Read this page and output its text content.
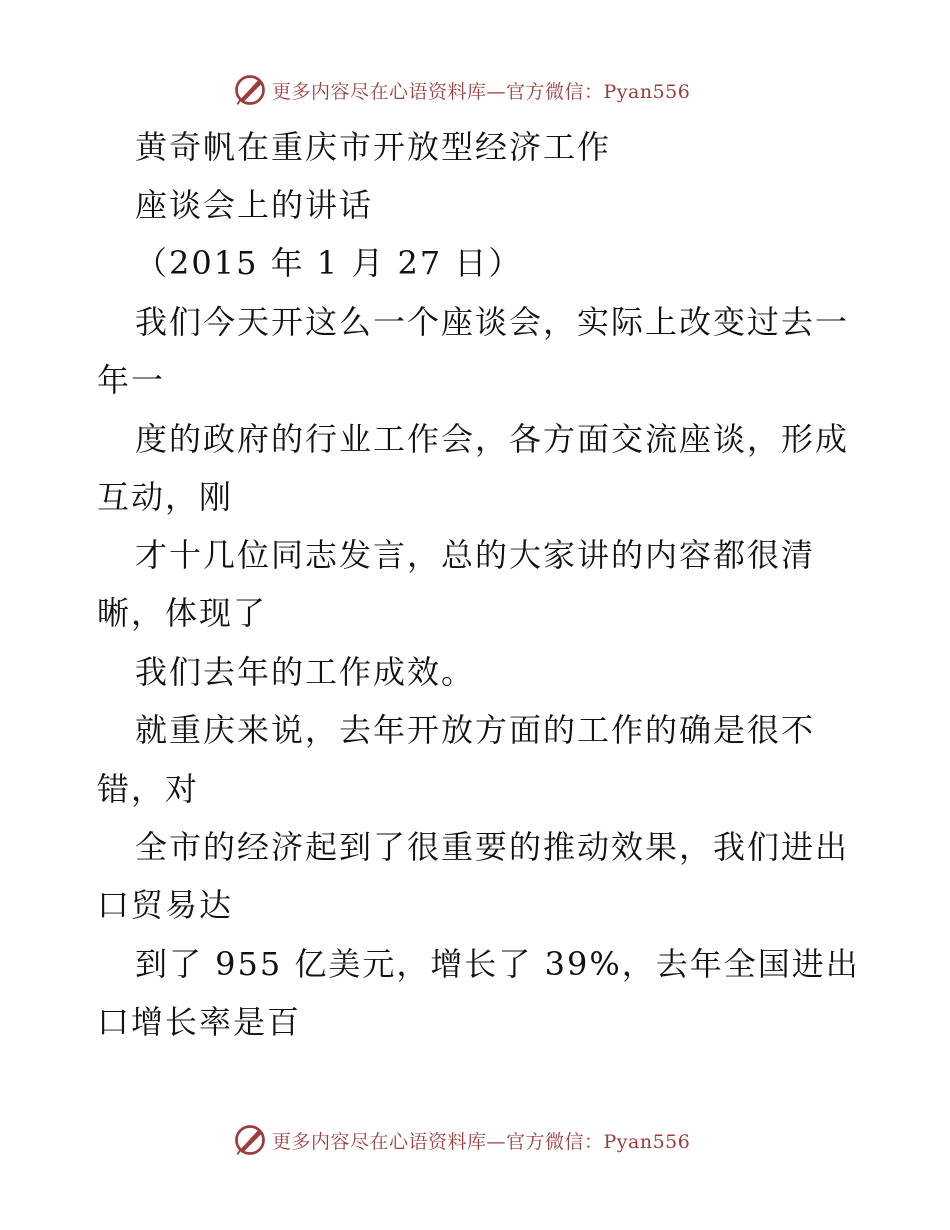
更多内容尽在心语资料库—官方微信：Pyan556
黄奇帆在重庆市开放型经济工作
座谈会上的讲话
（2015 年 1 月 27 日）
我们今天开这么一个座谈会，实际上改变过去一
年一
度的政府的行业工作会，各方面交流座谈，形成
互动，刚
才十几位同志发言，总的大家讲的内容都很清
晰，体现了
我们去年的工作成效。
就重庆来说，去年开放方面的工作的确是很不
错，对
全市的经济起到了很重要的推动效果，我们进出
口贸易达
到了 955 亿美元，增长了 39%，去年全国进出
口增长率是百
更多内容尽在心语资料库—官方微信：Pyan556
